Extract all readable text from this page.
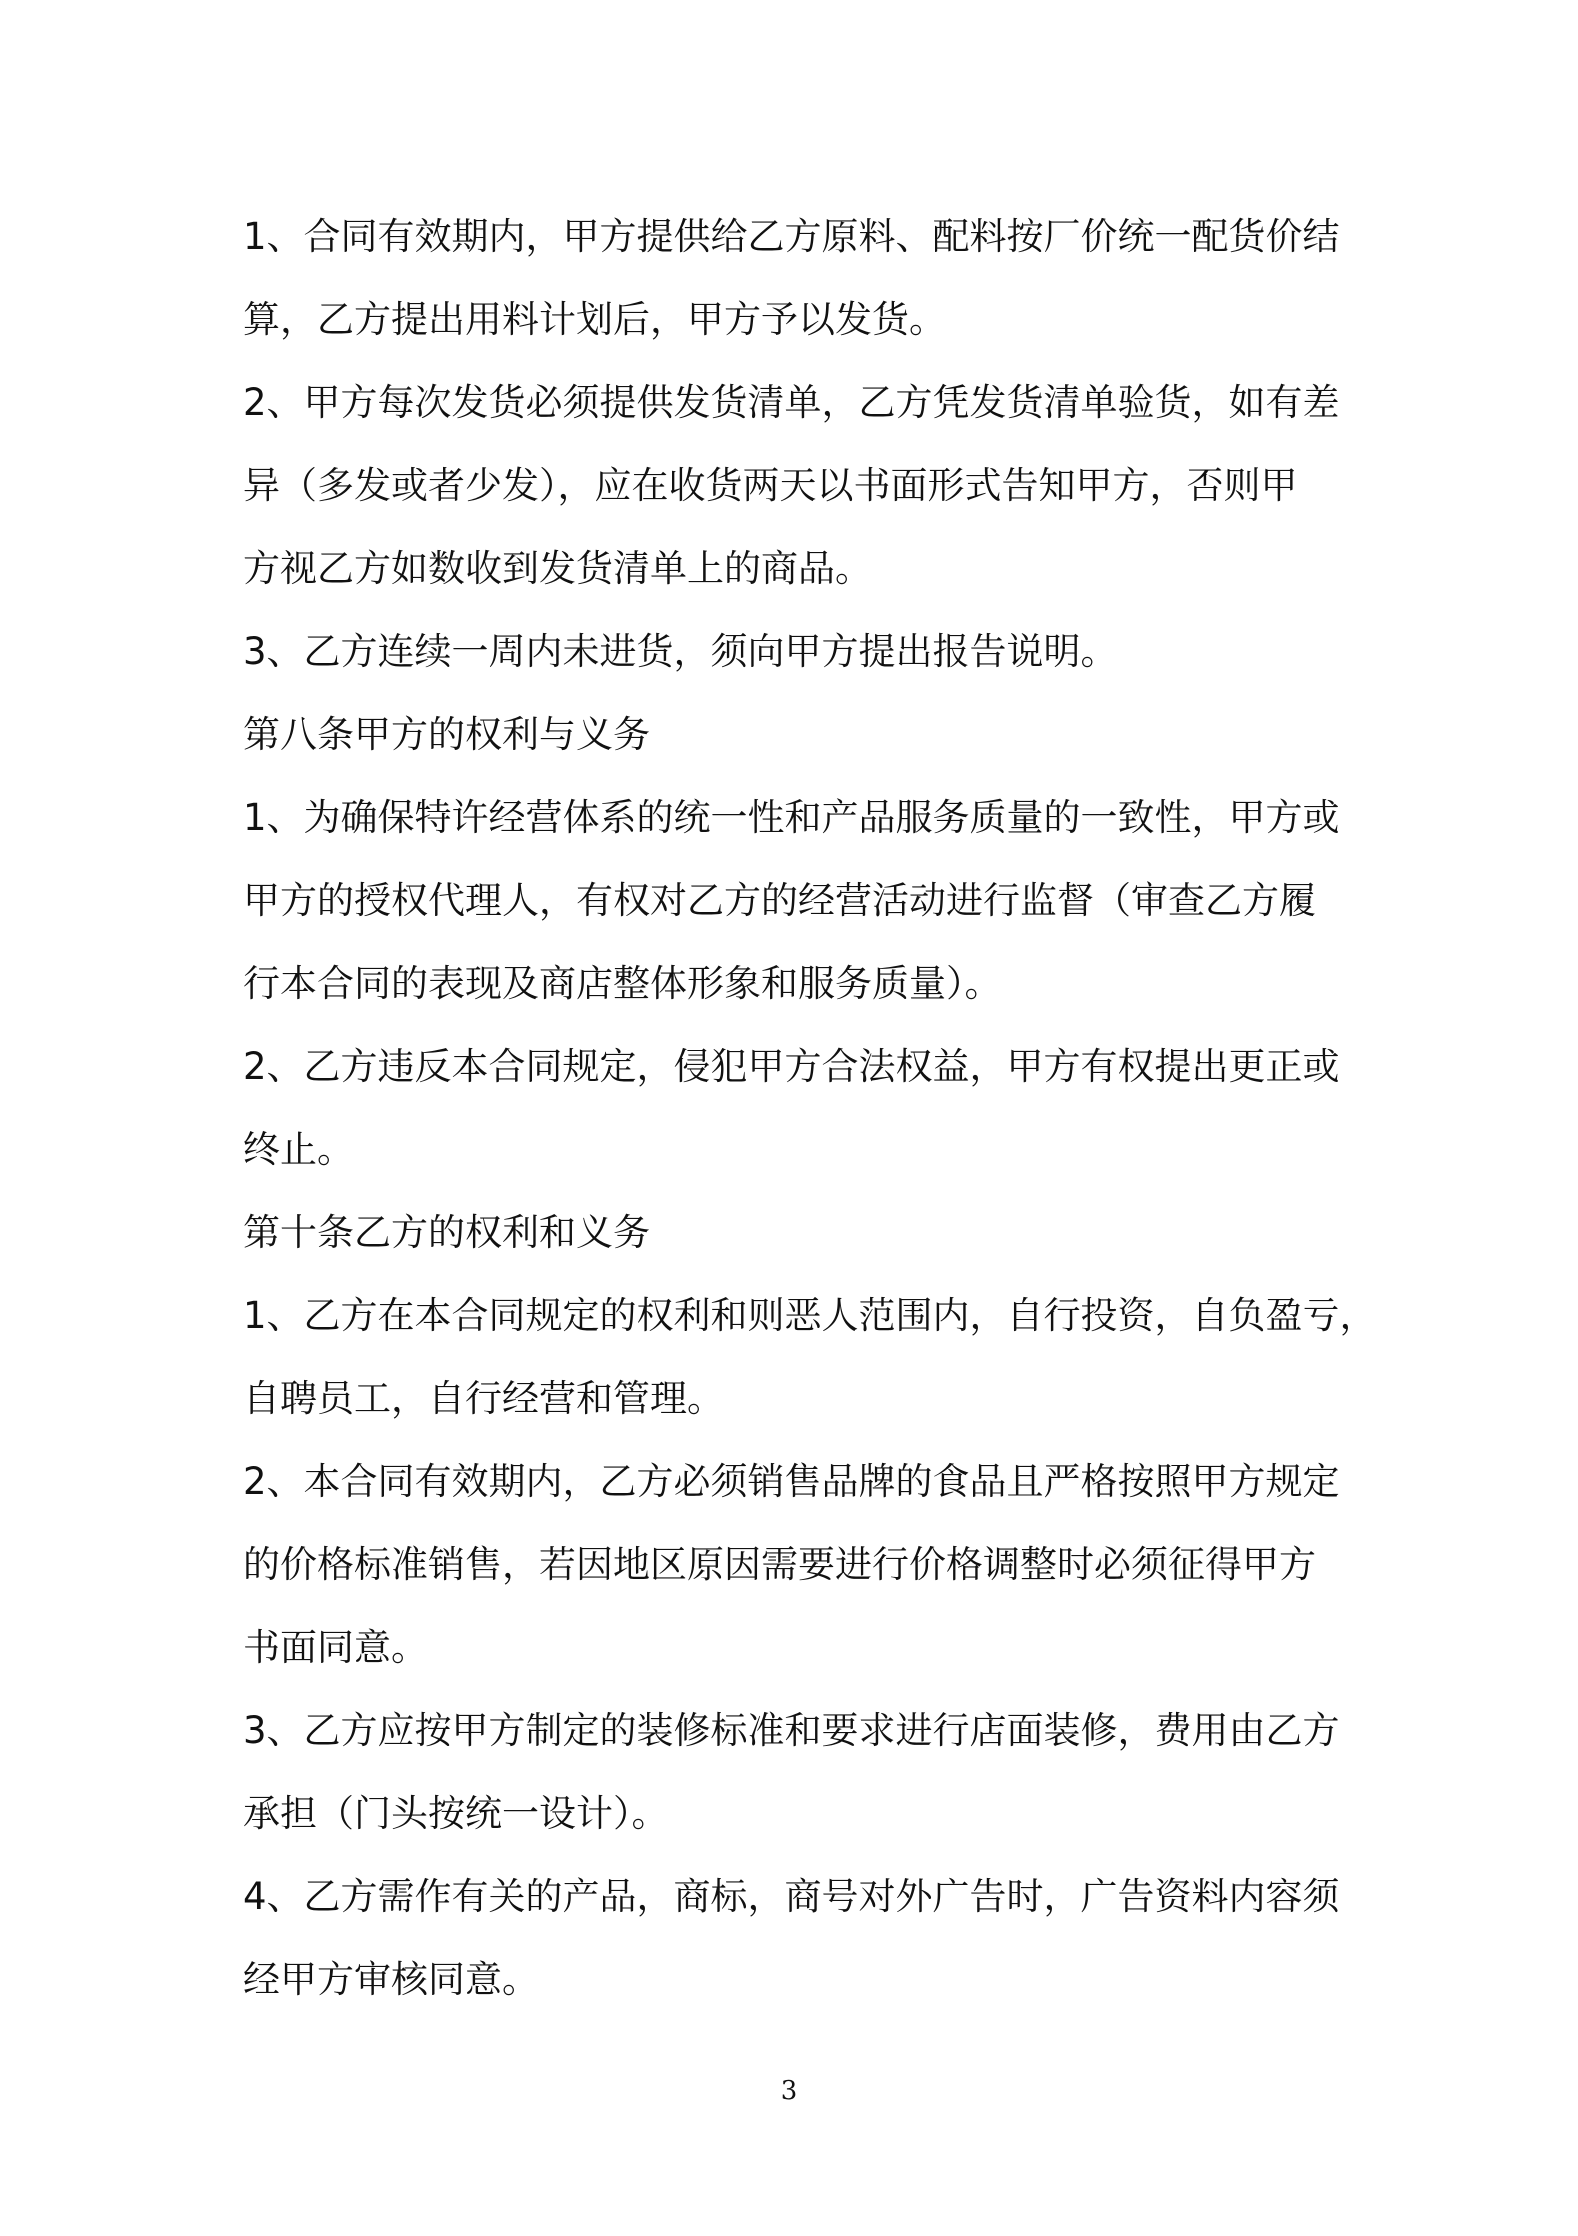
1、合同有效期内，甲方提供给乙方原料、配料按厂价统一配货价结
算，乙方提出用料计划后，甲方予以发货。
2、甲方每次发货必须提供发货清单，乙方凭发货清单验货，如有差
异（多发或者少发），应在收货两天以书面形式告知甲方，否则甲
方视乙方如数收到发货清单上的商品。
3、乙方连续一周内未进货，须向甲方提出报告说明。
第八条甲方的权利与义务
1、为确保特许经营体系的统一性和产品服务质量的一致性，甲方或
甲方的授权代理人，有权对乙方的经营活动进行监督（审查乙方履
行本合同的表现及商店整体形象和服务质量）。
2、乙方违反本合同规定，侵犯甲方合法权益，甲方有权提出更正或
终止。
第十条乙方的权利和义务
1、乙方在本合同规定的权利和则恶人范围内，自行投资，自负盈亏，
自聘员工，自行经营和管理。
2、本合同有效期内，乙方必须销售品牌的食品且严格按照甲方规定
的价格标准销售，若因地区原因需要进行价格调整时必须征得甲方
书面同意。
3、乙方应按甲方制定的装修标准和要求进行店面装修，费用由乙方
承担（门头按统一设计）。
4、乙方需作有关的产品，商标，商号对外广告时，广告资料内容须
经甲方审核同意。
3
